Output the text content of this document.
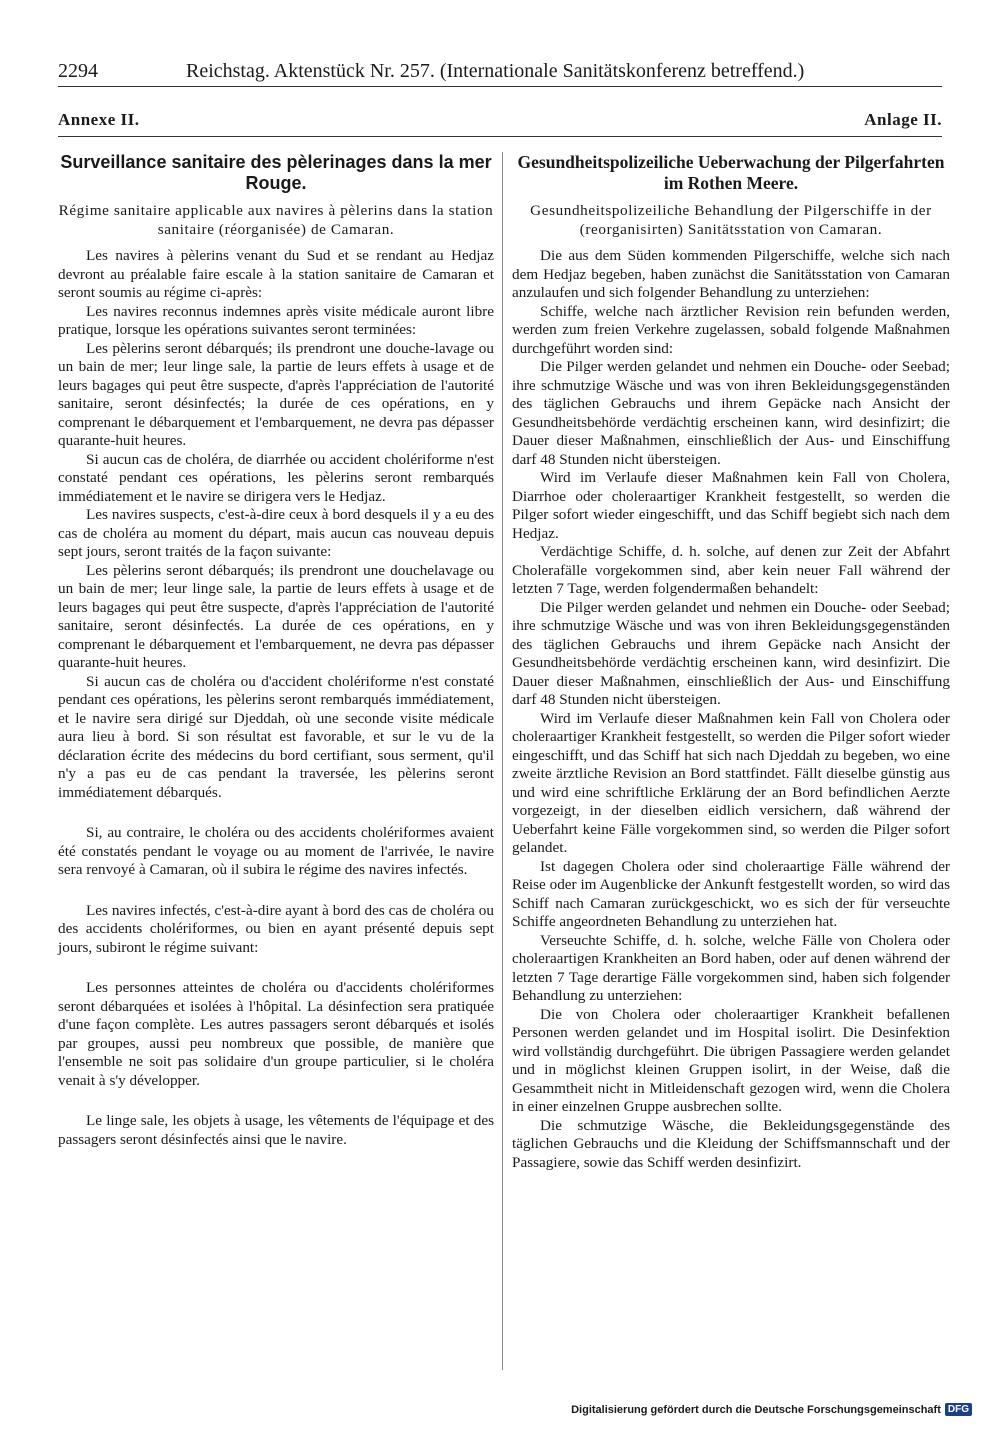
2294	Reichstag. Aktenstück Nr. 257. (Internationale Sanitätskonferenz betreffend.)
Annexe II.	Anlage II.
Surveillance sanitaire des pèlerinages dans la mer Rouge.

Régime sanitaire applicable aux navires à pèlerins dans la station sanitaire (réorganisée) de Camaran.

Les navires à pèlerins venant du Sud et se rendant au Hedjaz devront au préalable faire escale à la station sanitaire de Camaran et seront soumis au régime ci-après:

Les navires reconnus indemnes après visite médicale auront libre pratique, lorsque les opérations suivantes seront terminées:

Les pèlerins seront débarqués; ils prendront une douche-lavage ou un bain de mer; leur linge sale, la partie de leurs effets à usage et de leurs bagages qui peut être suspecte, d'après l'appréciation de l'autorité sanitaire, seront désinfectés; la durée de ces opérations, en y comprenant le débarquement et l'embarquement, ne devra pas dépasser quarante-huit heures.

Si aucun cas de choléra, de diarrhée ou accident cholériforme n'est constaté pendant ces opérations, les pèlerins seront rembarqués immédiatement et le navire se dirigera vers le Hedjaz.

Les navires suspects, c'est-à-dire ceux à bord desquels il y a eu des cas de choléra au moment du départ, mais aucun cas nouveau depuis sept jours, seront traités de la façon suivante:

Les pèlerins seront débarqués; ils prendront une douchelavage ou un bain de mer; leur linge sale, la partie de leurs effets à usage et de leurs bagages qui peut être suspecte, d'après l'appréciation de l'autorité sanitaire, seront désinfectés. La durée de ces opérations, en y comprenant le débarquement et l'embarquement, ne devra pas dépasser quarante-huit heures.

Si aucun cas de choléra ou d'accident cholériforme n'est constaté pendant ces opérations, les pèlerins seront rembarqués immédiatement, et le navire sera dirigé sur Djeddah, où une seconde visite médicale aura lieu à bord. Si son résultat est favorable, et sur le vu de la déclaration écrite des médecins du bord certifiant, sous serment, qu'il n'y a pas eu de cas pendant la traversée, les pèlerins seront immédiatement débarqués.

Si, au contraire, le choléra ou des accidents cholériformes avaient été constatés pendant le voyage ou au moment de l'arrivée, le navire sera renvoyé à Camaran, où il subira le régime des navires infectés.

Les navires infectés, c'est-à-dire ayant à bord des cas de choléra ou des accidents cholériformes, ou bien en ayant présenté depuis sept jours, subiront le régime suivant:

Les personnes atteintes de choléra ou d'accidents cholériformes seront débarquées et isolées à l'hôpital. La désinfection sera pratiquée d'une façon complète. Les autres passagers seront débarqués et isolés par groupes, aussi peu nombreux que possible, de manière que l'ensemble ne soit pas solidaire d'un groupe particulier, si le choléra venait à s'y développer.

Le linge sale, les objets à usage, les vêtements de l'équipage et des passagers seront désinfectés ainsi que le navire.

Gesundheitspolizeiliche Ueberwachung der Pilgerfahrten im Rothen Meere.

Gesundheitspolizeiliche Behandlung der Pilgerschiffe in der (reorganisirten) Sanitätsstation von Camaran.

Die aus dem Süden kommenden Pilgerschiffe, welche sich nach dem Hedjaz begeben, haben zunächst die Sanitätsstation von Camaran anzulaufen und sich folgender Behandlung zu unterziehen:

Schiffe, welche nach ärztlicher Revision rein befunden werden, werden zum freien Verkehre zugelassen, sobald folgende Maßnahmen durchgeführt worden sind:

Die Pilger werden gelandet und nehmen ein Douche- oder Seebad; ihre schmutzige Wäsche und was von ihren Bekleidungsgegenständen des täglichen Gebrauchs und ihrem Gepäcke nach Ansicht der Gesundheitsbehörde verdächtig erscheinen kann, wird desinfizirt; die Dauer dieser Maßnahmen, einschließlich der Aus- und Einschiffung darf 48 Stunden nicht übersteigen.

Wird im Verlaufe dieser Maßnahmen kein Fall von Cholera, Diarrhoe oder choleraartiger Krankheit festgestellt, so werden die Pilger sofort wieder eingeschifft, und das Schiff begiebt sich nach dem Hedjaz.

Verdächtige Schiffe, d. h. solche, auf denen zur Zeit der Abfahrt Cholerafälle vorgekommen sind, aber kein neuer Fall während der letzten 7 Tage, werden folgendermaßen behandelt:

Die Pilger werden gelandet und nehmen ein Douche- oder Seebad; ihre schmutzige Wäsche und was von ihren Bekleidungsgegenständen des täglichen Gebrauchs und ihrem Gepäcke nach Ansicht der Gesundheitsbehörde verdächtig erscheinen kann, wird desinfizirt. Die Dauer dieser Maßnahmen, einschließlich der Aus- und Einschiffung darf 48 Stunden nicht übersteigen.

Wird im Verlaufe dieser Maßnahmen kein Fall von Cholera oder choleraartiger Krankheit festgestellt, so werden die Pilger sofort wieder eingeschifft, und das Schiff hat sich nach Djeddah zu begeben, wo eine zweite ärztliche Revision an Bord stattfindet. Fällt dieselbe günstig aus und wird eine schriftliche Erklärung der an Bord befindlichen Aerzte vorgezeigt, in der dieselben eidlich versichern, daß während der Ueberfahrt keine Fälle vorgekommen sind, so werden die Pilger sofort gelandet.

Ist dagegen Cholera oder sind choleraartige Fälle während der Reise oder im Augenblicke der Ankunft festgestellt worden, so wird das Schiff nach Camaran zurückgeschickt, wo es sich der für verseuchte Schiffe angeordneten Behandlung zu unterziehen hat.

Verseuchte Schiffe, d. h. solche, welche Fälle von Cholera oder choleraartigen Krankheiten an Bord haben, oder auf denen während der letzten 7 Tage derartige Fälle vorgekommen sind, haben sich folgender Behandlung zu unterziehen:

Die von Cholera oder choleraartiger Krankheit befallenen Personen werden gelandet und im Hospital isolirt. Die Desinfektion wird vollständig durchgeführt. Die übrigen Passagiere werden gelandet und in möglichst kleinen Gruppen isolirt, in der Weise, daß die Gesammtheit nicht in Mitleidenschaft gezogen wird, wenn die Cholera in einer einzelnen Gruppe ausbrechen sollte.

Die schmutzige Wäsche, die Bekleidungsgegenstände des täglichen Gebrauchs und die Kleidung der Schiffsmannschaft und der Passagiere, sowie das Schiff werden desinfizirt.

Digitalisierung gefördert durch die Deutsche Forschungsgemeinschaft DFG
